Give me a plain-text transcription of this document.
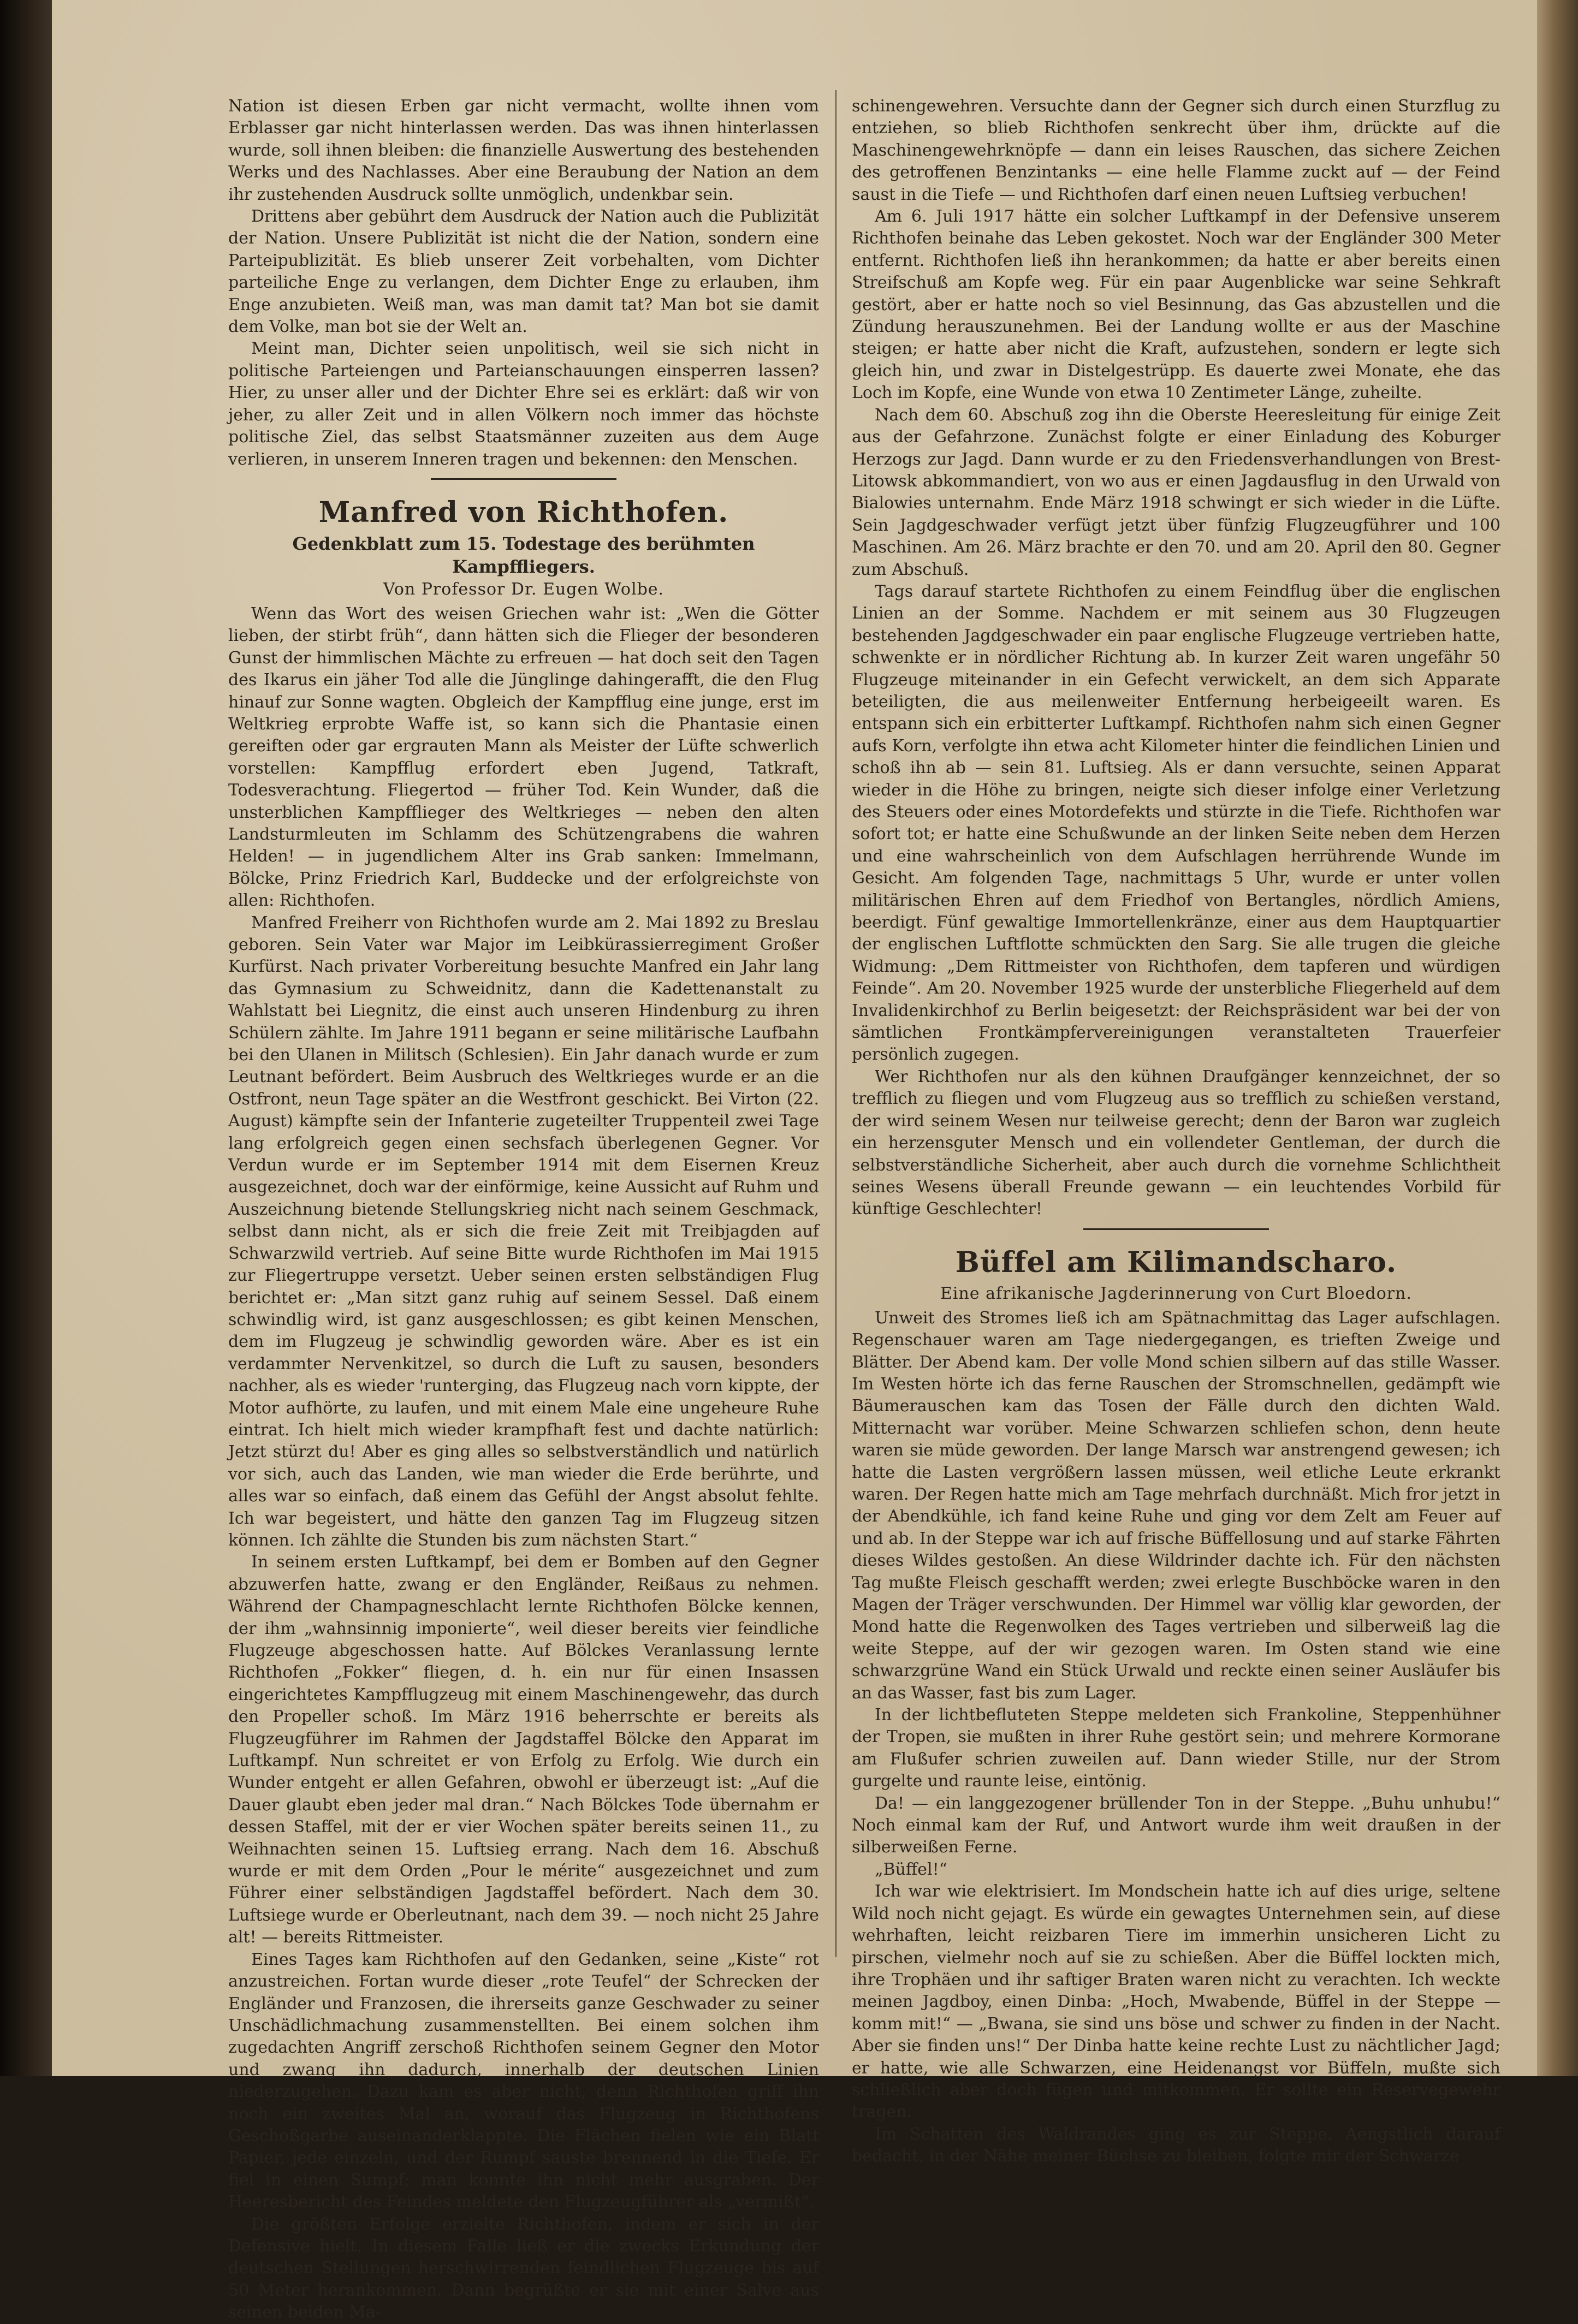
Nation ist diesen Erben gar nicht vermacht, wollte ihnen vom Erblasser gar nicht hinterlassen werden. Das was ihnen hinterlassen wurde, soll ihnen bleiben: die finanzielle Auswertung des bestehenden Werks und des Nachlasses. Aber eine Beraubung der Nation an dem ihr zustehenden Ausdruck sollte unmöglich, undenkbar sein.

Drittens aber gebührt dem Ausdruck der Nation auch die Publizität der Nation. Unsere Publizität ist nicht die der Nation, sondern eine Parteipublizität. Es blieb unserer Zeit vorbehalten, vom Dichter parteiliche Enge zu verlangen, dem Dichter Enge zu erlauben, ihm Enge anzubieten. Weiß man, was man damit tat? Man bot sie damit dem Volke, man bot sie der Welt an.

Meint man, Dichter seien unpolitisch, weil sie sich nicht in politische Parteiengen und Parteianschauungen einsperren lassen? Hier, zu unser aller und der Dichter Ehre sei es erklärt: daß wir von jeher, zu aller Zeit und in allen Völkern noch immer das höchste politische Ziel, das selbst Staatsmänner zuzeiten aus dem Auge verlieren, in unserem Inneren tragen und bekennen: den Menschen.

Manfred von Richthofen.
Gedenkblatt zum 15. Todestage des berühmten Kampffliegers.
Von Professor Dr. Eugen Wolbe.

Wenn das Wort des weisen Griechen wahr ist: „Wen die Götter lieben, der stirbt früh“, dann hätten sich die Flieger der besonderen Gunst der himmlischen Mächte zu erfreuen — hat doch seit den Tagen des Ikarus ein jäher Tod alle die Jünglinge dahingerafft, die den Flug hinauf zur Sonne wagten. Obgleich der Kampfflug eine junge, erst im Weltkrieg erprobte Waffe ist, so kann sich die Phantasie einen gereiften oder gar ergrauten Mann als Meister der Lüfte schwerlich vorstellen: Kampfflug erfordert eben Jugend, Tatkraft, Todesverachtung. Fliegertod — früher Tod. Kein Wunder, daß die unsterblichen Kampfflieger des Weltkrieges — neben den alten Landsturmleuten im Schlamm des Schützengrabens die wahren Helden! — in jugendlichem Alter ins Grab sanken: Immelmann, Bölcke, Prinz Friedrich Karl, Buddecke und der erfolgreichste von allen: Richthofen.

Manfred Freiherr von Richthofen wurde am 2. Mai 1892 zu Breslau geboren. Sein Vater war Major im Leibkürassierregiment Großer Kurfürst. Nach privater Vorbereitung besuchte Manfred ein Jahr lang das Gymnasium zu Schweidnitz, dann die Kadettenanstalt zu Wahlstatt bei Liegnitz, die einst auch unseren Hindenburg zu ihren Schülern zählte. Im Jahre 1911 begann er seine militärische Laufbahn bei den Ulanen in Militsch (Schlesien). Ein Jahr danach wurde er zum Leutnant befördert. Beim Ausbruch des Weltkrieges wurde er an die Ostfront, neun Tage später an die Westfront geschickt. Bei Virton (22. August) kämpfte sein der Infanterie zugeteilter Truppenteil zwei Tage lang erfolgreich gegen einen sechsfach überlegenen Gegner. Vor Verdun wurde er im September 1914 mit dem Eisernen Kreuz ausgezeichnet, doch war der einförmige, keine Aussicht auf Ruhm und Auszeichnung bietende Stellungskrieg nicht nach seinem Geschmack, selbst dann nicht, als er sich die freie Zeit mit Treibjagden auf Schwarzwild vertrieb. Auf seine Bitte wurde Richthofen im Mai 1915 zur Fliegertruppe versetzt. Ueber seinen ersten selbständigen Flug berichtet er: „Man sitzt ganz ruhig auf seinem Sessel. Daß einem schwindlig wird, ist ganz ausgeschlossen; es gibt keinen Menschen, dem im Flugzeug je schwindlig geworden wäre. Aber es ist ein verdammter Nervenkitzel, so durch die Luft zu sausen, besonders nachher, als es wieder 'runterging, das Flugzeug nach vorn kippte, der Motor aufhörte, zu laufen, und mit einem Male eine ungeheure Ruhe eintrat. Ich hielt mich wieder krampfhaft fest und dachte natürlich: Jetzt stürzt du! Aber es ging alles so selbstverständlich und natürlich vor sich, auch das Landen, wie man wieder die Erde berührte, und alles war so einfach, daß einem das Gefühl der Angst absolut fehlte. Ich war begeistert, und hätte den ganzen Tag im Flugzeug sitzen können. Ich zählte die Stunden bis zum nächsten Start.“

In seinem ersten Luftkampf, bei dem er Bomben auf den Gegner abzuwerfen hatte, zwang er den Engländer, Reißaus zu nehmen. Während der Champagneschlacht lernte Richthofen Bölcke kennen, der ihm „wahnsinnig imponierte“, weil dieser bereits vier feindliche Flugzeuge abgeschossen hatte. Auf Bölckes Veranlassung lernte Richthofen „Fokker“ fliegen, d. h. ein nur für einen Insassen eingerichtetes Kampfflugzeug mit einem Maschinengewehr, das durch den Propeller schoß. Im März 1916 beherrschte er bereits als Flugzeugführer im Rahmen der Jagdstaffel Bölcke den Apparat im Luftkampf. Nun schreitet er von Erfolg zu Erfolg. Wie durch ein Wunder entgeht er allen Gefahren, obwohl er überzeugt ist: „Auf die Dauer glaubt eben jeder mal dran.“ Nach Bölckes Tode übernahm er dessen Staffel, mit der er vier Wochen später bereits seinen 11., zu Weihnachten seinen 15. Luftsieg errang. Nach dem 16. Abschuß wurde er mit dem Orden „Pour le mérite“ ausgezeichnet und zum Führer einer selbständigen Jagdstaffel befördert. Nach dem 30. Luftsiege wurde er Oberleutnant, nach dem 39. — noch nicht 25 Jahre alt! — bereits Rittmeister.

Eines Tages kam Richthofen auf den Gedanken, seine „Kiste“ rot anzustreichen. Fortan wurde dieser „rote Teufel“ der Schrecken der Engländer und Franzosen, die ihrerseits ganze Geschwader zu seiner Unschädlichmachung zusammenstellten. Bei einem solchen ihm zugedachten Angriff zerschoß Richthofen seinem Gegner den Motor und zwang ihn dadurch, innerhalb der deutschen Linien niederzugehen. Dazu kam es aber nicht, denn Richthofen griff ihn noch ein zweites Mal an, worauf das Flugzeug in Richthofens Geschoßgarbe auseinanderklappte. Die Flächen fielen wie ein Blatt Papier, jede einzeln, und der Rumpf sauste brennend in die Tiefe. Er fiel in einen Sumpf; man konnte ihn nicht mehr ausgraben. Der Heeresbericht des Feindes meldete den Flugzeugführer als „vermißt“.

Die größten Erfolge erzielte Richthofen, indem er sich in der Defensive hielt. In diesem Falle ließ er die zwecks Erkundung der deutschen Stellungen herschwirrenden feindlichen Flugzeuge bis auf 50 Meter herankommen. Dann begrüßte er sie mit einer Salve aus seinen beiden Ma-

schinengewehren. Versuchte dann der Gegner sich durch einen Sturzflug zu entziehen, so blieb Richthofen senkrecht über ihm, drückte auf die Maschinengewehrknöpfe — dann ein leises Rauschen, das sichere Zeichen des getroffenen Benzintanks — eine helle Flamme zuckt auf — der Feind saust in die Tiefe — und Richthofen darf einen neuen Luftsieg verbuchen!

Am 6. Juli 1917 hätte ein solcher Luftkampf in der Defensive unserem Richthofen beinahe das Leben gekostet. Noch war der Engländer 300 Meter entfernt. Richthofen ließ ihn herankommen; da hatte er aber bereits einen Streifschuß am Kopfe weg. Für ein paar Augenblicke war seine Sehkraft gestört, aber er hatte noch so viel Besinnung, das Gas abzustellen und die Zündung herauszunehmen. Bei der Landung wollte er aus der Maschine steigen; er hatte aber nicht die Kraft, aufzustehen, sondern er legte sich gleich hin, und zwar in Distelgestrüpp. Es dauerte zwei Monate, ehe das Loch im Kopfe, eine Wunde von etwa 10 Zentimeter Länge, zuheilte.

Nach dem 60. Abschuß zog ihn die Oberste Heeresleitung für einige Zeit aus der Gefahrzone. Zunächst folgte er einer Einladung des Koburger Herzogs zur Jagd. Dann wurde er zu den Friedensverhandlungen von Brest-Litowsk abkommandiert, von wo aus er einen Jagdausflug in den Urwald von Bialowies unternahm. Ende März 1918 schwingt er sich wieder in die Lüfte. Sein Jagdgeschwader verfügt jetzt über fünfzig Flugzeugführer und 100 Maschinen. Am 26. März brachte er den 70. und am 20. April den 80. Gegner zum Abschuß.

Tags darauf startete Richthofen zu einem Feindflug über die englischen Linien an der Somme. Nachdem er mit seinem aus 30 Flugzeugen bestehenden Jagdgeschwader ein paar englische Flugzeuge vertrieben hatte, schwenkte er in nördlicher Richtung ab. In kurzer Zeit waren ungefähr 50 Flugzeuge miteinander in ein Gefecht verwickelt, an dem sich Apparate beteiligten, die aus meilenweiter Entfernung herbeigeeilt waren. Es entspann sich ein erbitterter Luftkampf. Richthofen nahm sich einen Gegner aufs Korn, verfolgte ihn etwa acht Kilometer hinter die feindlichen Linien und schoß ihn ab — sein 81. Luftsieg. Als er dann versuchte, seinen Apparat wieder in die Höhe zu bringen, neigte sich dieser infolge einer Verletzung des Steuers oder eines Motordefekts und stürzte in die Tiefe. Richthofen war sofort tot; er hatte eine Schußwunde an der linken Seite neben dem Herzen und eine wahrscheinlich von dem Aufschlagen herrührende Wunde im Gesicht. Am folgenden Tage, nachmittags 5 Uhr, wurde er unter vollen militärischen Ehren auf dem Friedhof von Bertangles, nördlich Amiens, beerdigt. Fünf gewaltige Immortellenkränze, einer aus dem Hauptquartier der englischen Luftflotte schmückten den Sarg. Sie alle trugen die gleiche Widmung: „Dem Rittmeister von Richthofen, dem tapferen und würdigen Feinde“. Am 20. November 1925 wurde der unsterbliche Fliegerheld auf dem Invalidenkirchhof zu Berlin beigesetzt: der Reichspräsident war bei der von sämtlichen Frontkämpfervereinigungen veranstalteten Trauerfeier persönlich zugegen.

Wer Richthofen nur als den kühnen Draufgänger kennzeichnet, der so trefflich zu fliegen und vom Flugzeug aus so trefflich zu schießen verstand, der wird seinem Wesen nur teilweise gerecht; denn der Baron war zugleich ein herzensguter Mensch und ein vollendeter Gentleman, der durch die selbstverständliche Sicherheit, aber auch durch die vornehme Schlichtheit seines Wesens überall Freunde gewann — ein leuchtendes Vorbild für künftige Geschlechter!

Büffel am Kilimandscharo.
Eine afrikanische Jagderinnerung von Curt Bloedorn.

Unweit des Stromes ließ ich am Spätnachmittag das Lager aufschlagen. Regenschauer waren am Tage niedergegangen, es trieften Zweige und Blätter. Der Abend kam. Der volle Mond schien silbern auf das stille Wasser. Im Westen hörte ich das ferne Rauschen der Stromschnellen, gedämpft wie Bäumerauschen kam das Tosen der Fälle durch den dichten Wald. Mitternacht war vorüber. Meine Schwarzen schliefen schon, denn heute waren sie müde geworden. Der lange Marsch war anstrengend gewesen; ich hatte die Lasten vergrößern lassen müssen, weil etliche Leute erkrankt waren. Der Regen hatte mich am Tage mehrfach durchnäßt. Mich fror jetzt in der Abendkühle, ich fand keine Ruhe und ging vor dem Zelt am Feuer auf und ab. In der Steppe war ich auf frische Büffellosung und auf starke Fährten dieses Wildes gestoßen. An diese Wildrinder dachte ich. Für den nächsten Tag mußte Fleisch geschafft werden; zwei erlegte Buschböcke waren in den Magen der Träger verschwunden. Der Himmel war völlig klar geworden, der Mond hatte die Regenwolken des Tages vertrieben und silberweiß lag die weite Steppe, auf der wir gezogen waren. Im Osten stand wie eine schwarzgrüne Wand ein Stück Urwald und reckte einen seiner Ausläufer bis an das Wasser, fast bis zum Lager.

In der lichtbefluteten Steppe meldeten sich Frankoline, Steppenhühner der Tropen, sie mußten in ihrer Ruhe gestört sein; und mehrere Kormorane am Flußufer schrien zuweilen auf. Dann wieder Stille, nur der Strom gurgelte und raunte leise, eintönig.

Da! — ein langgezogener brüllender Ton in der Steppe. „Buhu unhubu!“ Noch einmal kam der Ruf, und Antwort wurde ihm weit draußen in der silberweißen Ferne.

„Büffel!“

Ich war wie elektrisiert. Im Mondschein hatte ich auf dies urige, seltene Wild noch nicht gejagt. Es würde ein gewagtes Unternehmen sein, auf diese wehrhaften, leicht reizbaren Tiere im immerhin unsicheren Licht zu pirschen, vielmehr noch auf sie zu schießen. Aber die Büffel lockten mich, ihre Trophäen und ihr saftiger Braten waren nicht zu verachten. Ich weckte meinen Jagdboy, einen Dinba: „Hoch, Mwabende, Büffel in der Steppe — komm mit!“ — „Bwana, sie sind uns böse und schwer zu finden in der Nacht. Aber sie finden uns!“ Der Dinba hatte keine rechte Lust zu nächtlicher Jagd; er hatte, wie alle Schwarzen, eine Heidenangst vor Büffeln, mußte sich schließlich aber doch fügen und mitkommen. Er sollte ein Reservegewehr tragen.

Im Schatten des Waldrandes ging es zur Steppe. Aengstlich darauf bedacht, in der Nähe meiner Büchse zu bleiben, folgte mir der Schwarze
